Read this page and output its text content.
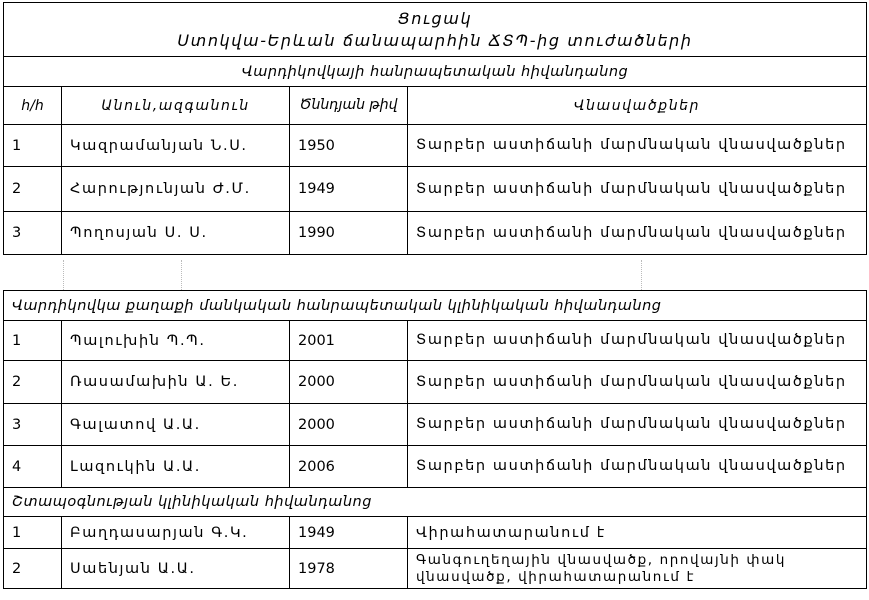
Ցուցակ
Ստոկվա-Երևան ճանապարհին ՃՏՊ-ից տուժածների
Վարդիկովկայի հանրապետական հիվանդանոց			
հ/հ	Անուն,ազգանուն	Ծննդյան թիվ	Վնասվածքներ
1	Կազրամանյան Ն.Ս.	1950	Տարբեր աստիճանի մարմնական վնասվածքներ
2	Հարությունյան Ժ.Մ.	1949	Տարբեր աստիճանի մարմնական վնասվածքներ
3	Պողոսյան Ս. Ս.	1990	Տարբեր աստիճանի մարմնական վնասվածքներ
Վարդիկովկա քաղաքի մանկական հանրապետական կլինիկական հիվանդանոց			
1	Պալուխին Պ.Պ.	2001	Տարբեր աստիճանի մարմնական վնասվածքներ
2	Ռասամախին Ա. Ե.	2000	Տարբեր աստիճանի մարմնական վնասվածքներ
3	Գալատով Ա.Ա.	2000	Տարբեր աստիճանի մարմնական վնասվածքներ
4	Լազուկին Ա.Ա.	2006	Տարբեր աստիճանի մարմնական վնասվածքներ
Շտապօգնության կլինիկական հիվանդանոց			
1	Բաղդասարյան Գ.Կ.	1949	Վիրահատարանում է
2	Սաենյան Ա.Ա.	1978	Գանգուղեղային վնասվածք, որովայնի փակ վնասվածք, վիրահատարանում է
